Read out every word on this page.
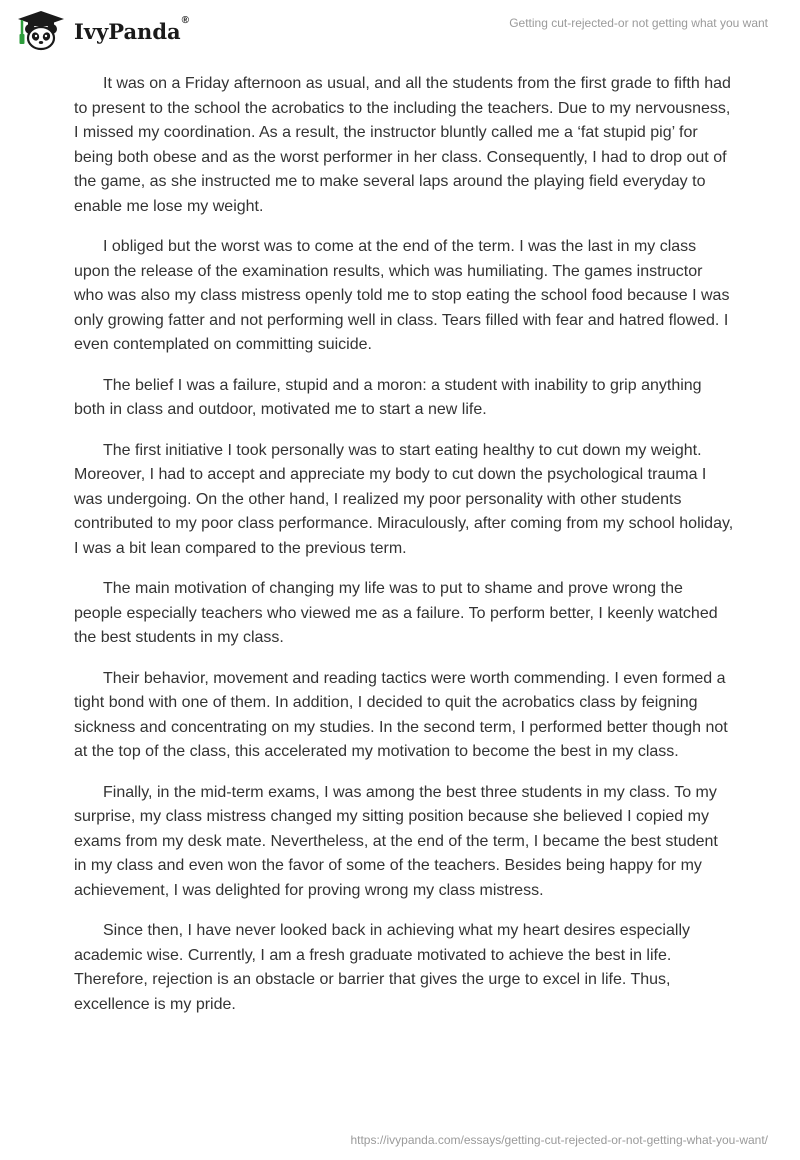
IvyPanda®	Getting cut-rejected-or not getting what you want

It was on a Friday afternoon as usual, and all the students from the first grade to fifth had to present to the school the acrobatics to the including the teachers. Due to my nervousness, I missed my coordination. As a result, the instructor bluntly called me a ‘fat stupid pig’ for being both obese and as the worst performer in her class. Consequently, I had to drop out of the game, as she instructed me to make several laps around the playing field everyday to enable me lose my weight.

I obliged but the worst was to come at the end of the term. I was the last in my class upon the release of the examination results, which was humiliating. The games instructor who was also my class mistress openly told me to stop eating the school food because I was only growing fatter and not performing well in class. Tears filled with fear and hatred flowed. I even contemplated on committing suicide.

The belief I was a failure, stupid and a moron: a student with inability to grip anything both in class and outdoor, motivated me to start a new life.

The first initiative I took personally was to start eating healthy to cut down my weight. Moreover, I had to accept and appreciate my body to cut down the psychological trauma I was undergoing. On the other hand, I realized my poor personality with other students contributed to my poor class performance. Miraculously, after coming from my school holiday, I was a bit lean compared to the previous term.

The main motivation of changing my life was to put to shame and prove wrong the people especially teachers who viewed me as a failure. To perform better, I keenly watched the best students in my class.

Their behavior, movement and reading tactics were worth commending. I even formed a tight bond with one of them. In addition, I decided to quit the acrobatics class by feigning sickness and concentrating on my studies. In the second term, I performed better though not at the top of the class, this accelerated my motivation to become the best in my class.

Finally, in the mid-term exams, I was among the best three students in my class. To my surprise, my class mistress changed my sitting position because she believed I copied my exams from my desk mate. Nevertheless, at the end of the term, I became the best student in my class and even won the favor of some of the teachers. Besides being happy for my achievement, I was delighted for proving wrong my class mistress.

Since then, I have never looked back in achieving what my heart desires especially academic wise. Currently, I am a fresh graduate motivated to achieve the best in life. Therefore, rejection is an obstacle or barrier that gives the urge to excel in life. Thus, excellence is my pride.

https://ivypanda.com/essays/getting-cut-rejected-or-not-getting-what-you-want/
